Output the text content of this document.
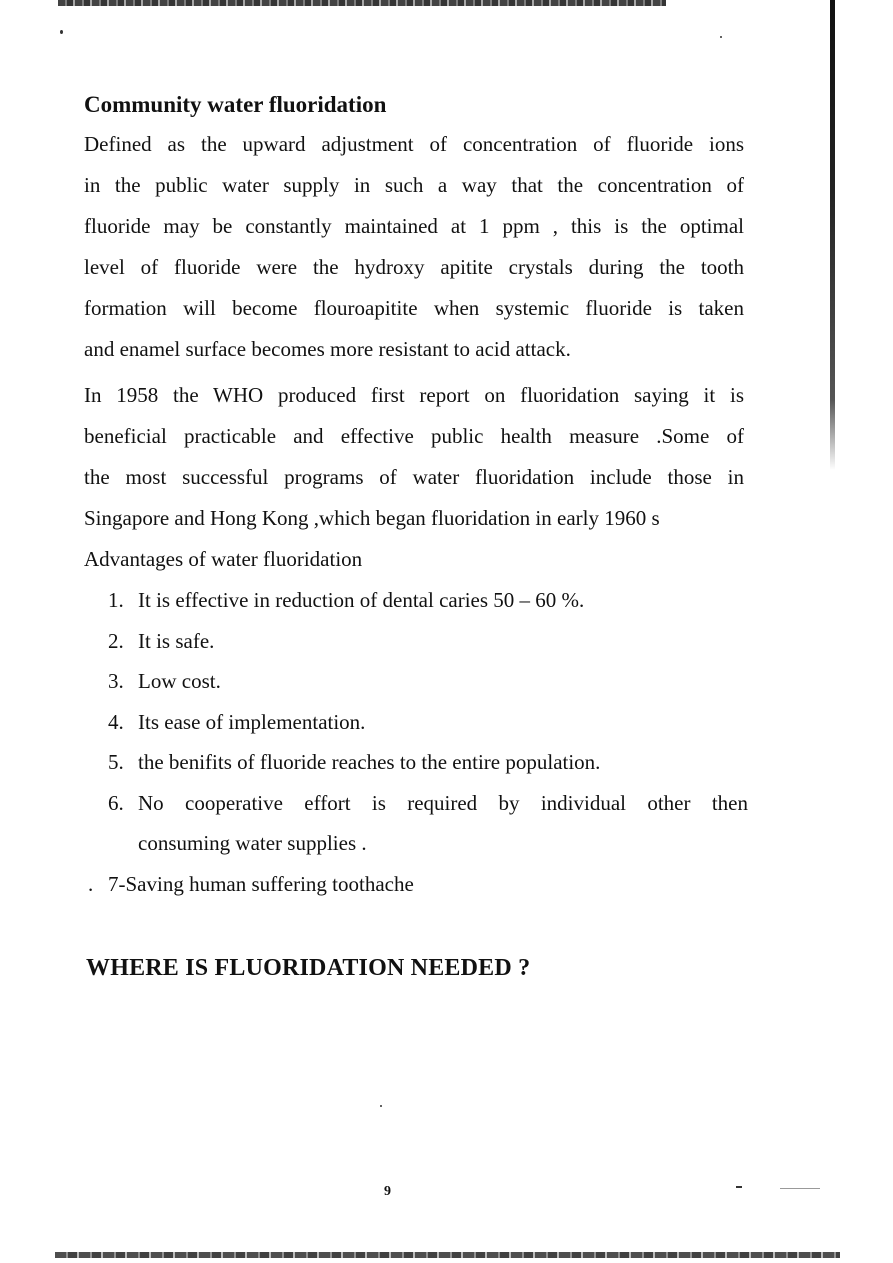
Community water fluoridation

Defined as the upward adjustment of concentration of fluoride ions
in the public water supply in such a way that the concentration of
fluoride may be constantly maintained at 1 ppm , this is the optimal
level of fluoride were the hydroxy apitite crystals during the tooth
formation will become flouroapitite when systemic fluoride is taken
and enamel surface becomes more resistant to acid attack.

In 1958 the WHO produced first report on fluoridation saying it is
beneficial practicable and effective public health measure .Some of
the most successful programs of water fluoridation include those in
Singapore and Hong Kong ,which began fluoridation in early 1960 s
Advantages of water fluoridation

1. It is effective in reduction of dental caries 50 – 60 %.
2. It is safe.
3. Low cost.
4. Its ease of implementation.
5. the benifits of fluoride reaches to the entire population.
6. No cooperative effort is required by individual other then
consuming water supplies .
. 7-Saving human suffering toothache
WHERE IS FLUORIDATION NEEDED ?
9
